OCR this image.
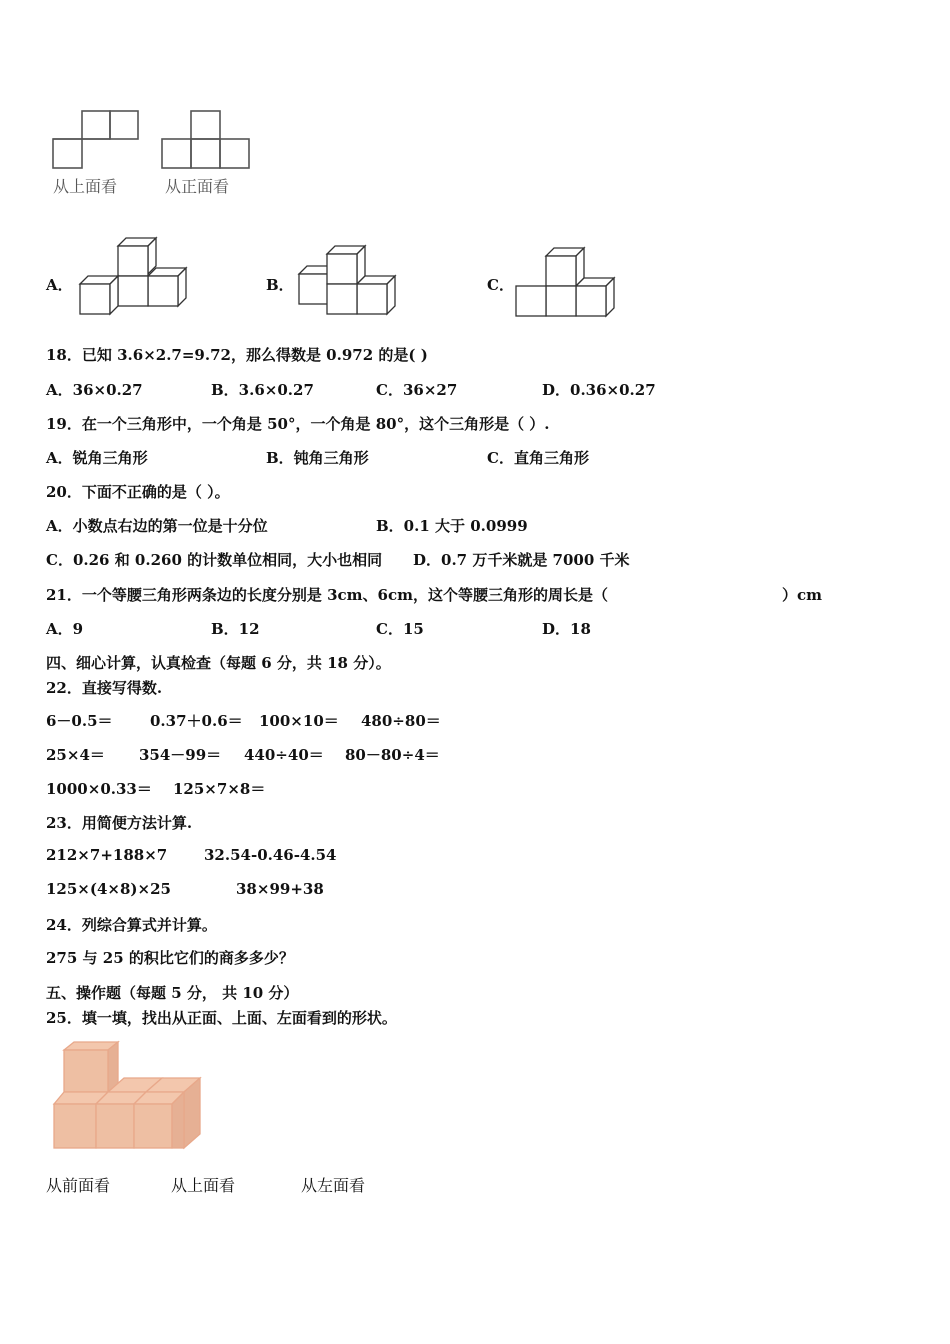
从上面看	从正面看
A．	B．	C．
18．已知 3.6×2.7=9.72，那么得数是 0.972 的是( )
A．36×0.27	B．3.6×0.27	C．36×27	D．0.36×0.27
19．在一个三角形中，一个角是 50°，一个角是 80°，这个三角形是（ ）.
A．锐角三角形	B．钝角三角形	C．直角三角形
20．下面不正确的是（ ）。
A．小数点右边的第一位是十分位	B．0.1 大于 0.0999
C．0.26 和 0.260 的计数单位相同，大小也相同 D．0.7 万千米就是 7000 千米
21．一个等腰三角形两条边的长度分别是 3cm、6cm，这个等腰三角形的周长是（	）cm
A．9	B．12	C．15	D．18
四、细心计算，认真检查（每题 6 分，共 18 分）。
22．直接写得数.
6－0.5＝ 0.37＋0.6＝ 100×10＝ 480÷80＝
25×4＝ 354－99＝ 440÷40＝ 80－80÷4＝
1000×0.33＝ 125×7×8＝
23．用简便方法计算.
212×7+188×7 32.54-0.46-4.54
125×(4×8)×25	38×99+38
24．列综合算式并计算。
275 与 25 的积比它们的商多多少？
五、操作题（每题 5 分， 共 10 分）
25．填一填，找出从正面、上面、左面看到的形状。
从前面看	从上面看	从左面看
